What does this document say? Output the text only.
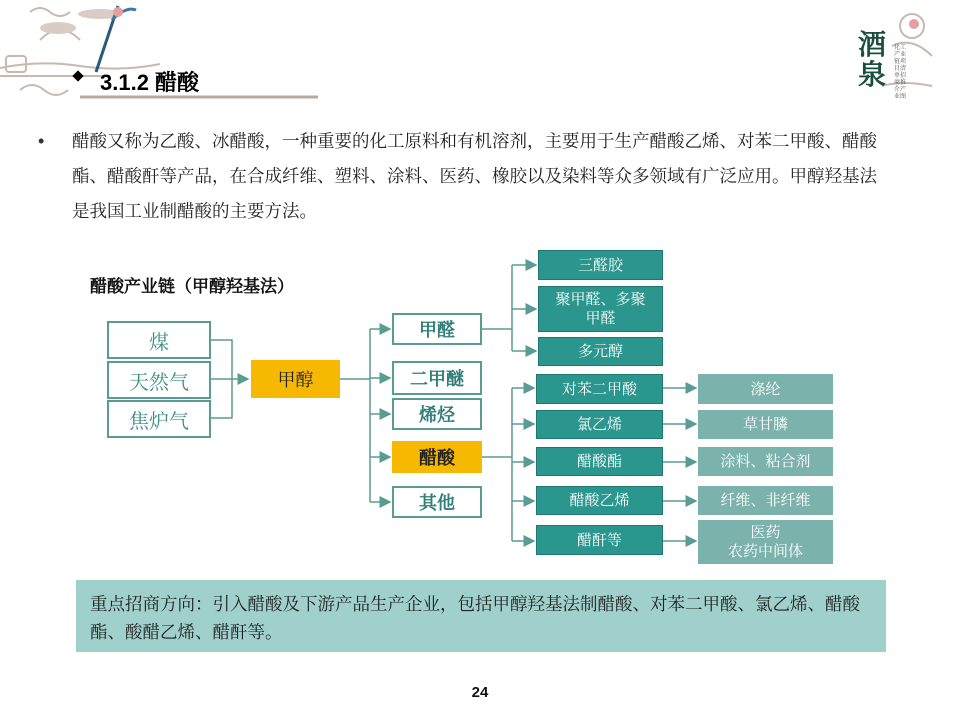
3.1.2 醋酸
酒泉
化工产业链项目清单招商推介产业图
• 醋酸又称为乙酸、冰醋酸，一种重要的化工原料和有机溶剂，主要用于生产醋酸乙烯、对苯二甲酸、醋酸酯、醋酸酐等产品，在合成纤维、塑料、涂料、医药、橡胶以及染料等众多领域有广泛应用。甲醇羟基法是我国工业制醋酸的主要方法。
醋酸产业链（甲醇羟基法）
煤
天然气
焦炉气
甲醇
甲醛
二甲醚
烯烃
醋酸
其他
三醛胶
聚甲醛、多聚甲醛
多元醇
对苯二甲酸
氯乙烯
醋酸酯
醋酸乙烯
醋酐等
涤纶
草甘膦
涂料、粘合剂
纤维、非纤维
医药
农药中间体
重点招商方向：引入醋酸及下游产品生产企业，包括甲醇羟基法制醋酸、对苯二甲酸、氯乙烯、醋酸酯、酸醋乙烯、醋酐等。
24
